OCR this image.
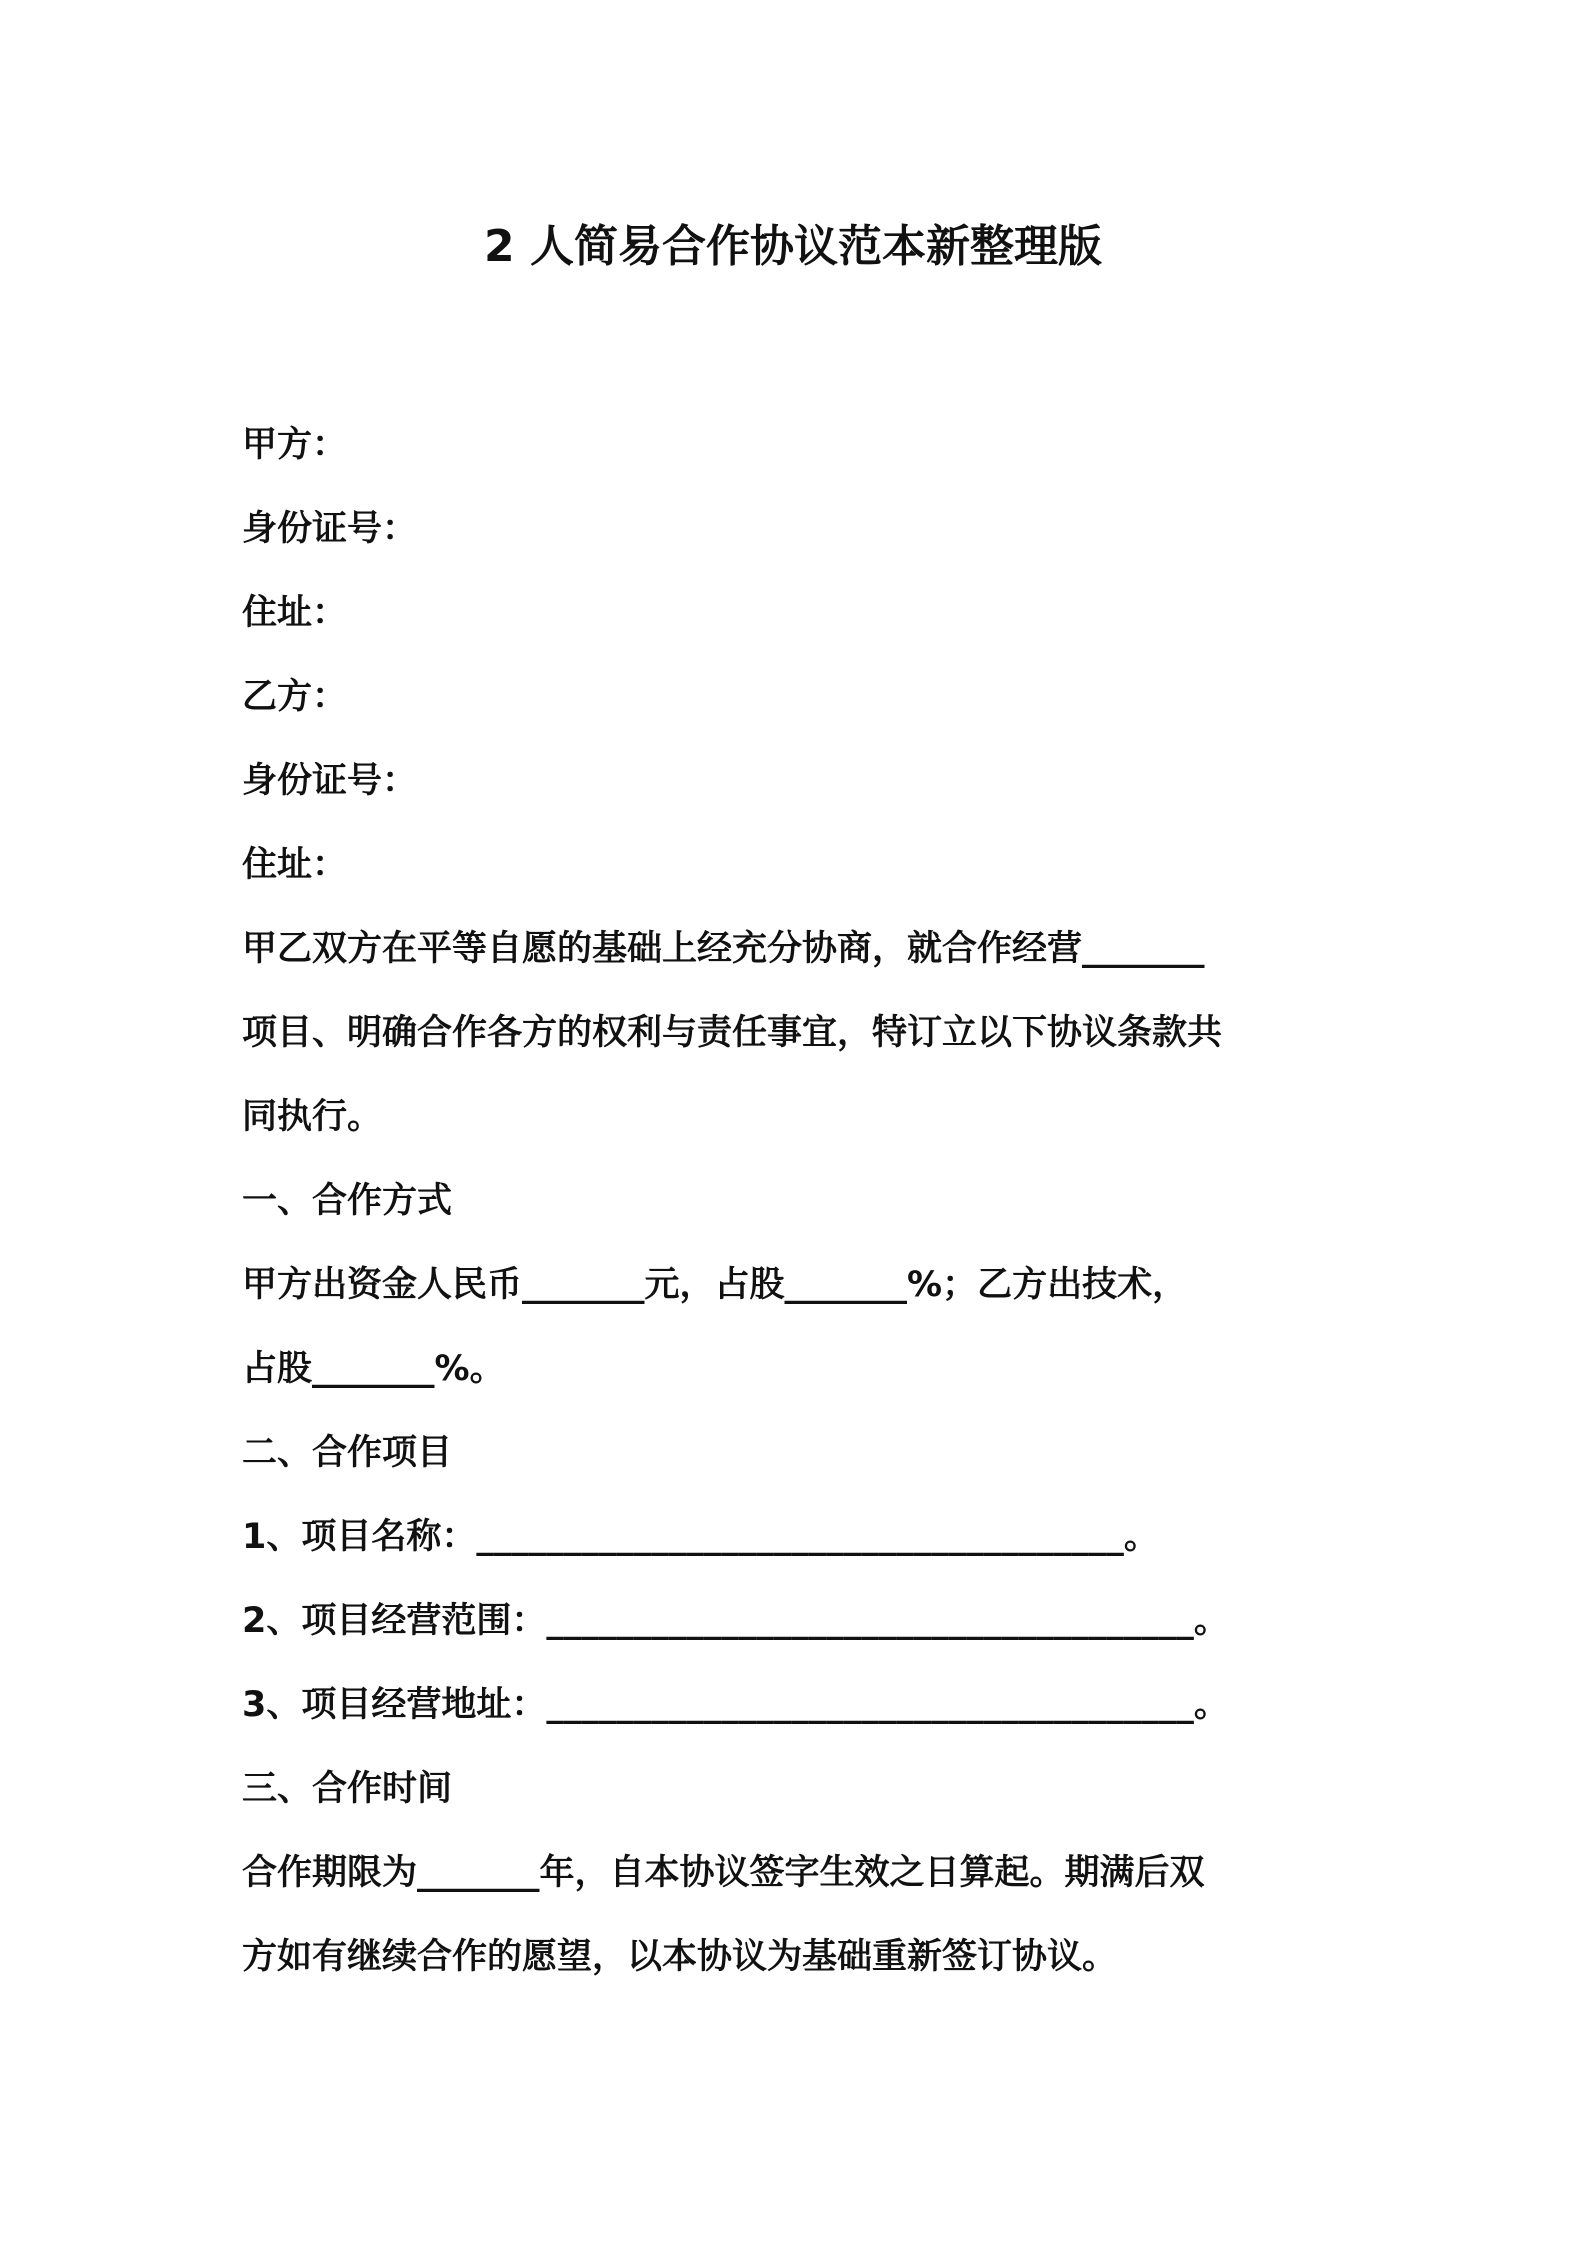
2 人简易合作协议范本新整理版

甲方：

身份证号：

住址：

乙方：

身份证号：

住址：

甲乙双方在平等自愿的基础上经充分协商，就合作经营_______

项目、明确合作各方的权利与责任事宜，特订立以下协议条款共

同执行。

一、合作方式

甲方出资金人民币_______元，占股_______%；乙方出技术，

占股_______%。

二、合作项目

1、项目名称：_____________________________________。

2、项目经营范围：_____________________________________。

3、项目经营地址：_____________________________________。

三、合作时间

合作期限为_______年，自本协议签字生效之日算起。期满后双

方如有继续合作的愿望，以本协议为基础重新签订协议。
